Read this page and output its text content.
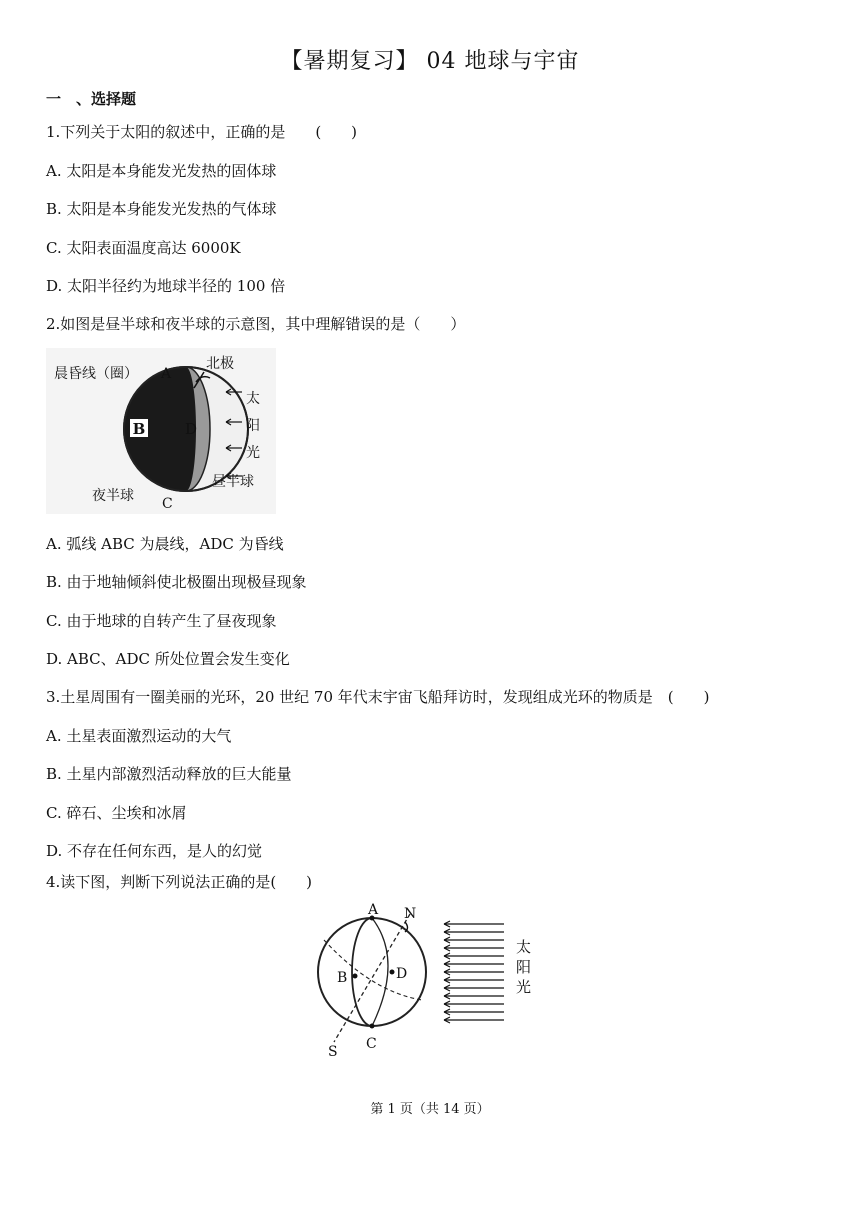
【暑期复习】 04 地球与宇宙
一　、选择题
1.下列关于太阳的叙述中，正确的是　　(　　)
A. 太阳是本身能发光发热的固体球
B. 太阳是本身能发光发热的气体球
C. 太阳表面温度高达 6000K
D. 太阳半径约为地球半径的 100 倍
2.如图是昼半球和夜半球的示意图，其中理解错误的是（　　）
B	D
晨昏线（圈） A
C
北极
太
阳
光
昼半球
夜半球
A. 弧线 ABC 为晨线，ADC 为昏线
B. 由于地轴倾斜使北极圈出现极昼现象
C. 由于地球的自转产生了昼夜现象
D. ABC、ADC 所处位置会发生变化
3.土星周围有一圈美丽的光环，20 世纪 70 年代末宇宙飞船拜访时，发现组成光环的物质是　(　　)
A. 土星表面激烈运动的大气
B. 土星内部激烈活动释放的巨大能量
C. 碎石、尘埃和冰屑
D. 不存在任何东西，是人的幻觉
4.读下图，判断下列说法正确的是(　　)
A
B	D
C
N
S
太
阳
光
第 1 页（共 14 页）
